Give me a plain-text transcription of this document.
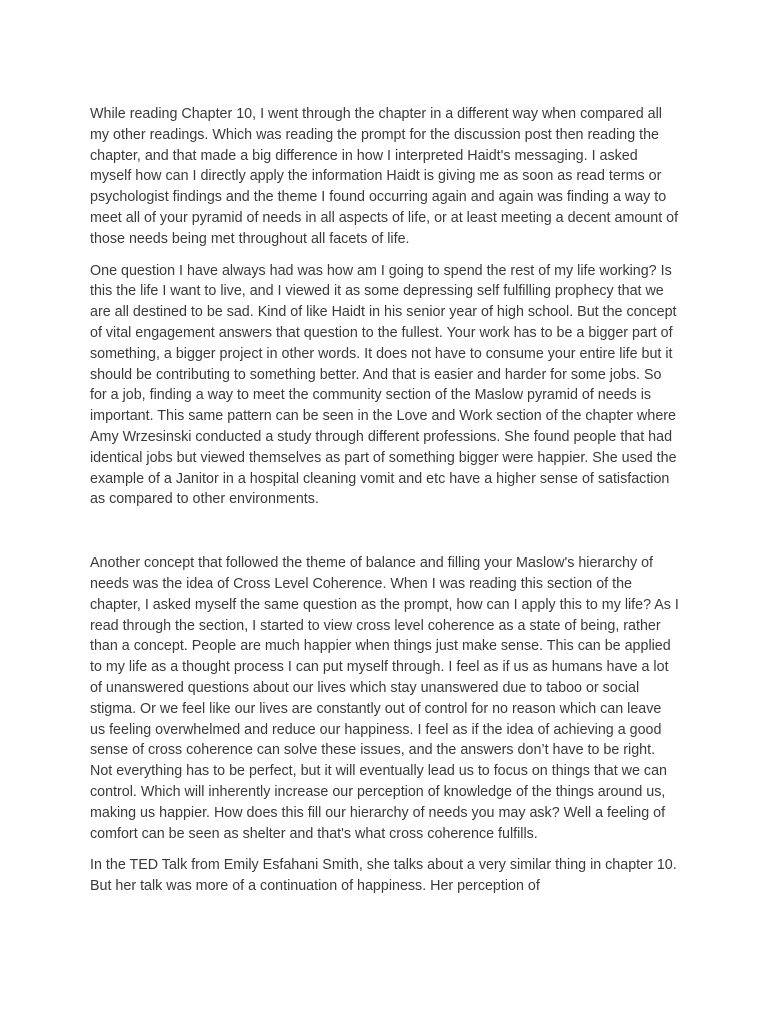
While reading Chapter 10, I went through the chapter in a different way when compared all my other readings. Which was reading the prompt for the discussion post then reading the chapter, and that made a big difference in how I interpreted Haidt's messaging. I asked myself how can I directly apply the information Haidt is giving me as soon as read terms or psychologist findings and the theme I found occurring again and again was finding a way to meet all of your pyramid of needs in all aspects of life, or at least meeting a decent amount of those needs being met throughout all facets of life.

One question I have always had was how am I going to spend the rest of my life working? Is this the life I want to live, and I viewed it as some depressing self fulfilling prophecy that we are all destined to be sad. Kind of like Haidt in his senior year of high school. But the concept of vital engagement answers that question to the fullest. Your work has to be a bigger part of something, a bigger project in other words. It does not have to consume your entire life but it should be contributing to something better. And that is easier and harder for some jobs. So for a job, finding a way to meet the community section of the Maslow pyramid of needs is important. This same pattern can be seen in the Love and Work section of the chapter where Amy Wrzesinski conducted a study through different professions. She found people that had identical jobs but viewed themselves as part of something bigger were happier. She used the example of a Janitor in a hospital cleaning vomit and etc have a higher sense of satisfaction as compared to other environments.

Another concept that followed the theme of balance and filling your Maslow's hierarchy of needs was the idea of Cross Level Coherence. When I was reading this section of the chapter, I asked myself the same question as the prompt, how can I apply this to my life? As I read through the section, I started to view cross level coherence as a state of being, rather than a concept. People are much happier when things just make sense. This can be applied to my life as a thought process I can put myself through. I feel as if us as humans have a lot of unanswered questions about our lives which stay unanswered due to taboo or social stigma. Or we feel like our lives are constantly out of control for no reason which can leave us feeling overwhelmed and reduce our happiness. I feel as if the idea of achieving a good sense of cross coherence can solve these issues, and the answers don’t have to be right. Not everything has to be perfect, but it will eventually lead us to focus on things that we can control. Which will inherently increase our perception of knowledge of the things around us, making us happier. How does this fill our hierarchy of needs you may ask? Well a feeling of comfort can be seen as shelter and that's what cross coherence fulfills.

In the TED Talk from Emily Esfahani Smith, she talks about a very similar thing in chapter 10. But her talk was more of a continuation of happiness. Her perception of
